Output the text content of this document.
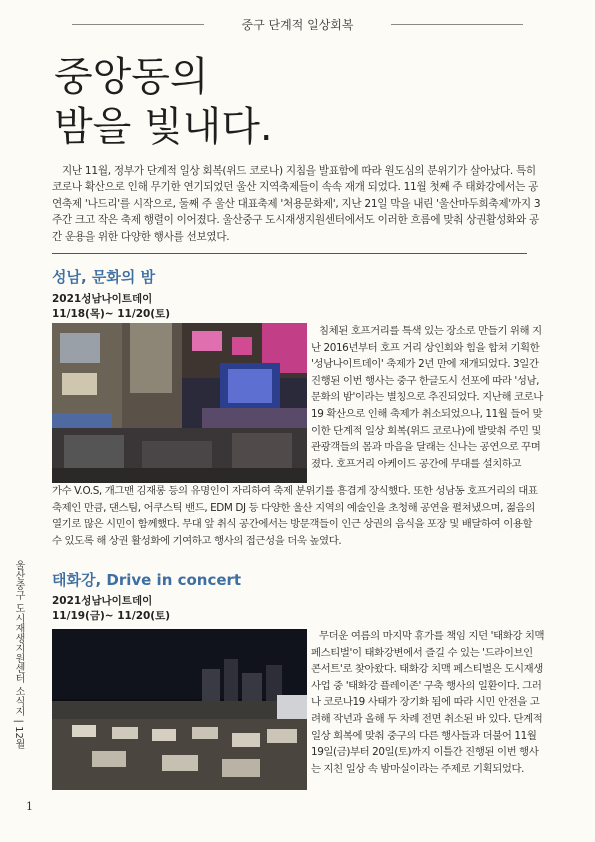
중구 단계적 일상회복
중앙동의
밤을 빛내다.

지난 11월, 정부가 단계적 일상 회복(위드 코로나) 지침을 발표함에 따라 원도심의 분위기가 살아났다. 특히 코로나 확산으로 인해 무기한 연기되었던 울산 지역축제들이 속속 재개 되었다. 11월 첫째 주 태화강에서는 공연축제 '나드리'를 시작으로, 둘째 주 울산 대표축제 '처용문화제', 지난 21일 막을 내린 '울산마두희축제'까지 3주간 크고 작은 축제 행렬이 이어졌다. 울산중구 도시재생지원센터에서도 이러한 흐름에 맞춰 상권활성화와 공간 운용을 위한 다양한 행사를 선보였다.

성남, 문화의 밤
2021성남나이트데이
11/18(목)~ 11/20(토)

침체된 호프거리를 특색 있는 장소로 만들기 위해 지난 2016년부터 호프 거리 상인회와 힘을 합쳐 기획한 '성남나이트데이' 축제가 2년 만에 재개되었다. 3일간 진행된 이번 행사는 중구 한글도시 선포에 따라 '성남, 문화의 밤'이라는 별칭으로 추진되었다. 지난해 코로나19 확산으로 인해 축제가 취소되었으나, 11월 들어 맞이한 단계적 일상 회복(위드 코로나)에 발맞춰 주민 및 관광객들의 몸과 마음을 달래는 신나는 공연으로 꾸며졌다. 호프거리 아케이드 공간에 무대를 설치하고

가수 V.O.S, 개그맨 김재롱 등의 유명인이 자리하여 축제 분위기를 흥겹게 장식했다. 또한 성남동 호프거리의 대표 축제인 만큼, 댄스팀, 어쿠스틱 밴드, EDM DJ 등 다양한 울산 지역의 예술인을 초청해 공연을 펼쳐냈으며, 젊음의 열기로 많은 시민이 함께했다. 무대 앞 취식 공간에서는 방문객들이 인근 상권의 음식을 포장 및 배달하여 이용할 수 있도록 해 상권 활성화에 기여하고 행사의 접근성을 더욱 높였다.

태화강, Drive in concert
2021성남나이트데이
11/19(금)~ 11/20(토)

무더운 여름의 마지막 휴가를 책임 지던 '태화강 치맥 페스티벌'이 태화강변에서 즐길 수 있는 '드라이브인 콘서트'로 찾아왔다. 태화강 치맥 페스티벌은 도시재생 사업 중 '태화강 플레이존' 구축 행사의 일환이다. 그러나 코로나19 사태가 장기화 됨에 따라 시민 안전을 고려해 작년과 올해 두 차례 전면 취소된 바 있다. 단계적 일상 회복에 맞춰 중구의 다른 행사들과 더불어 11월 19일(금)부터 20일(토)까지 이틀간 진행된 이번 행사는 지친 일상 속 밤마실이라는 주제로 기획되었다.

울산중구 도시재생지원센터 소식지 | 12월
1
